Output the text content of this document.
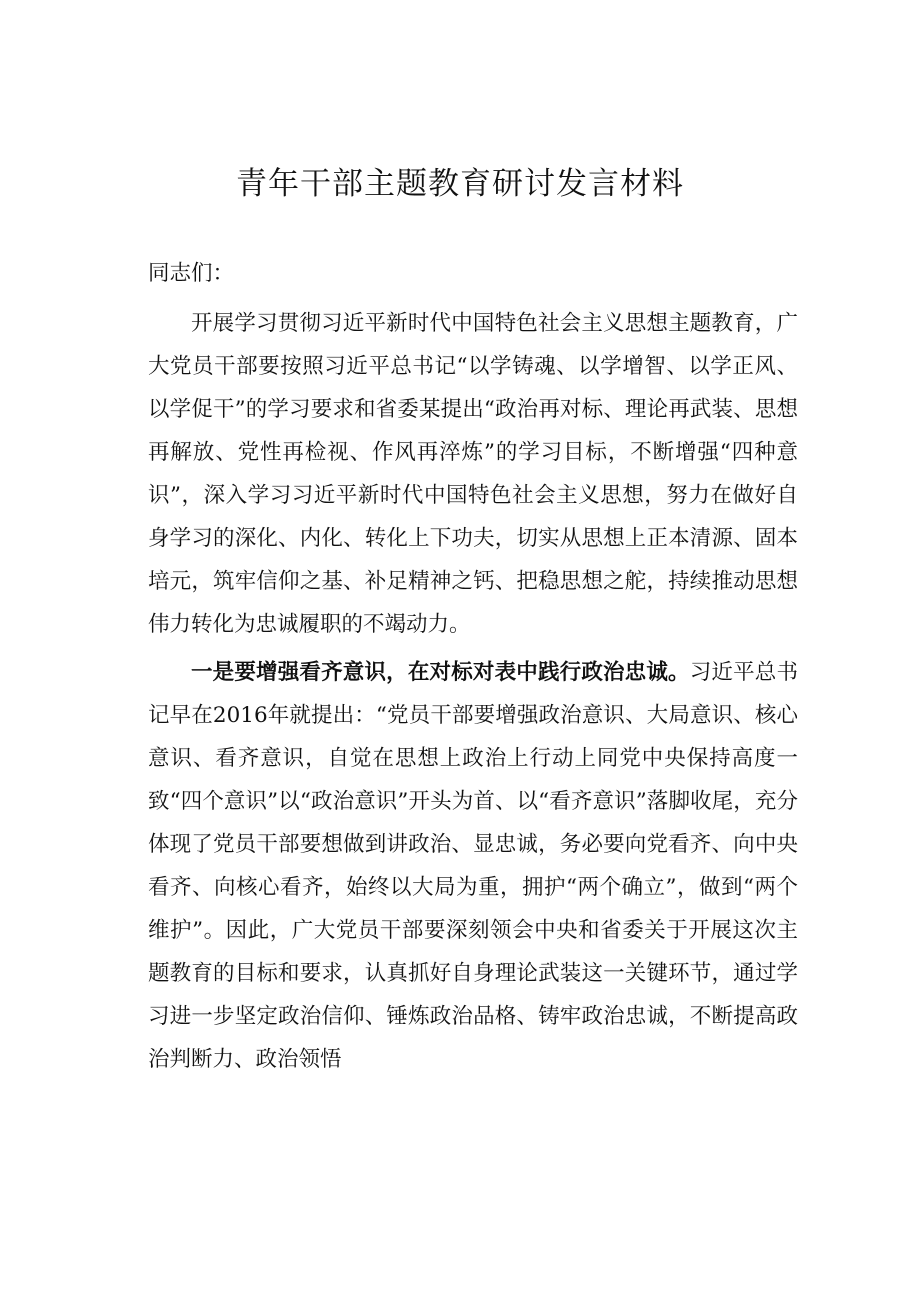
青年干部主题教育研讨发言材料

同志们：

开展学习贯彻习近平新时代中国特色社会主义思想主题教育，广大党员干部要按照习近平总书记“以学铸魂、以学增智、以学正风、以学促干”的学习要求和省委某提出“政治再对标、理论再武装、思想再解放、党性再检视、作风再淬炼”的学习目标，不断增强“四种意识”，深入学习习近平新时代中国特色社会主义思想，努力在做好自身学习的深化、内化、转化上下功夫，切实从思想上正本清源、固本培元，筑牢信仰之基、补足精神之钙、把稳思想之舵，持续推动思想伟力转化为忠诚履职的不竭动力。

一是要增强看齐意识，在对标对表中践行政治忠诚。习近平总书记早在2016年就提出：“党员干部要增强政治意识、大局意识、核心意识、看齐意识，自觉在思想上政治上行动上同党中央保持高度一致“四个意识”以“政治意识”开头为首、以“看齐意识”落脚收尾，充分体现了党员干部要想做到讲政治、显忠诚，务必要向党看齐、向中央看齐、向核心看齐，始终以大局为重，拥护“两个确立”，做到“两个维护”。因此，广大党员干部要深刻领会中央和省委关于开展这次主题教育的目标和要求，认真抓好自身理论武装这一关键环节，通过学习进一步坚定政治信仰、锤炼政治品格、铸牢政治忠诚，不断提高政治判断力、政治领悟
